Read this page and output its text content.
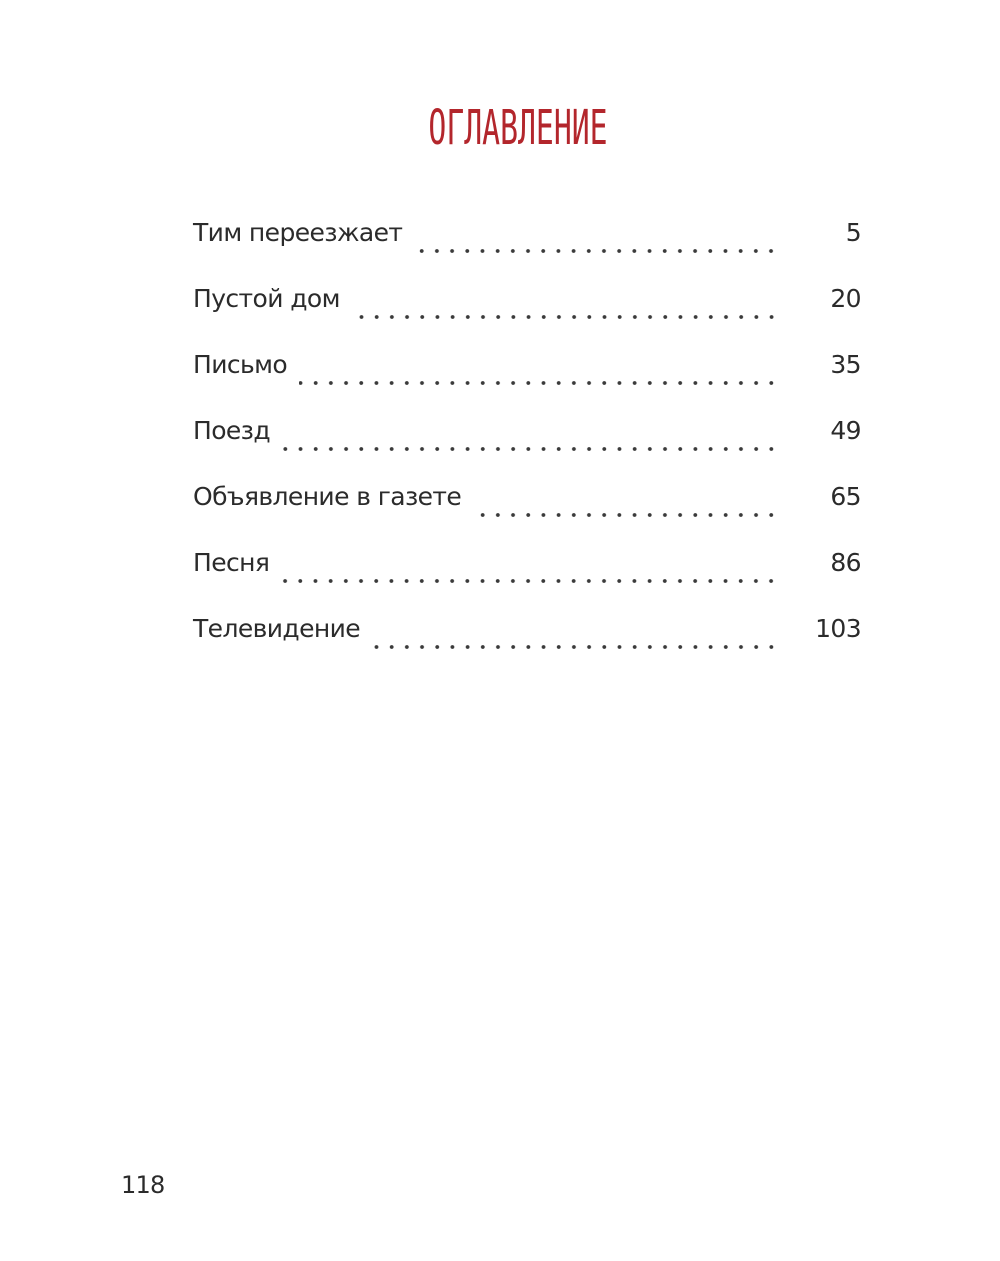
ОГЛАВЛЕНИЕ
Тим переезжает	5
Пустой дом	20
Письмо	35
Поезд	49
Объявление в газете	65
Песня	86
Телевидение	103
118
